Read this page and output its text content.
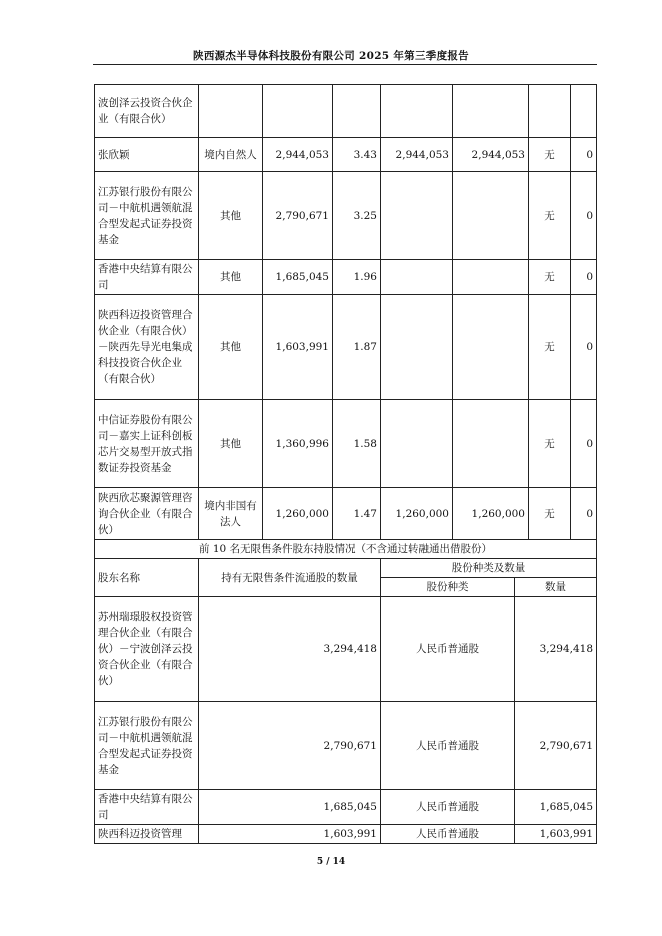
陕西源杰半导体科技股份有限公司 2025 年第三季度报告
波创泽云投资合伙企业（有限合伙）							
张欣颖	境内自然人	2,944,053	3.43	2,944,053	2,944,053	无	0
江苏银行股份有限公司－中航机遇领航混合型发起式证券投资基金	其他	2,790,671	3.25			无	0
香港中央结算有限公司	其他	1,685,045	1.96			无	0
陕西科迈投资管理合伙企业（有限合伙）－陕西先导光电集成科技投资合伙企业（有限合伙）	其他	1,603,991	1.87			无	0
中信证券股份有限公司－嘉实上证科创板芯片交易型开放式指数证券投资基金	其他	1,360,996	1.58			无	0
陕西欣芯聚源管理咨询合伙企业（有限合伙）	境内非国有法人	1,260,000	1.47	1,260,000	1,260,000	无	0
前 10 名无限售条件股东持股情况（不含通过转融通出借股份）			
股东名称	持有无限售条件流通股的数量	股份种类及数量	
		股份种类	数量
苏州瑞璟股权投资管理合伙企业（有限合伙）－宁波创泽云投资合伙企业（有限合伙）	3,294,418	人民币普通股	3,294,418
江苏银行股份有限公司－中航机遇领航混合型发起式证券投资基金	2,790,671	人民币普通股	2,790,671
香港中央结算有限公司	1,685,045	人民币普通股	1,685,045
陕西科迈投资管理	1,603,991	人民币普通股	1,603,991
5 / 14
